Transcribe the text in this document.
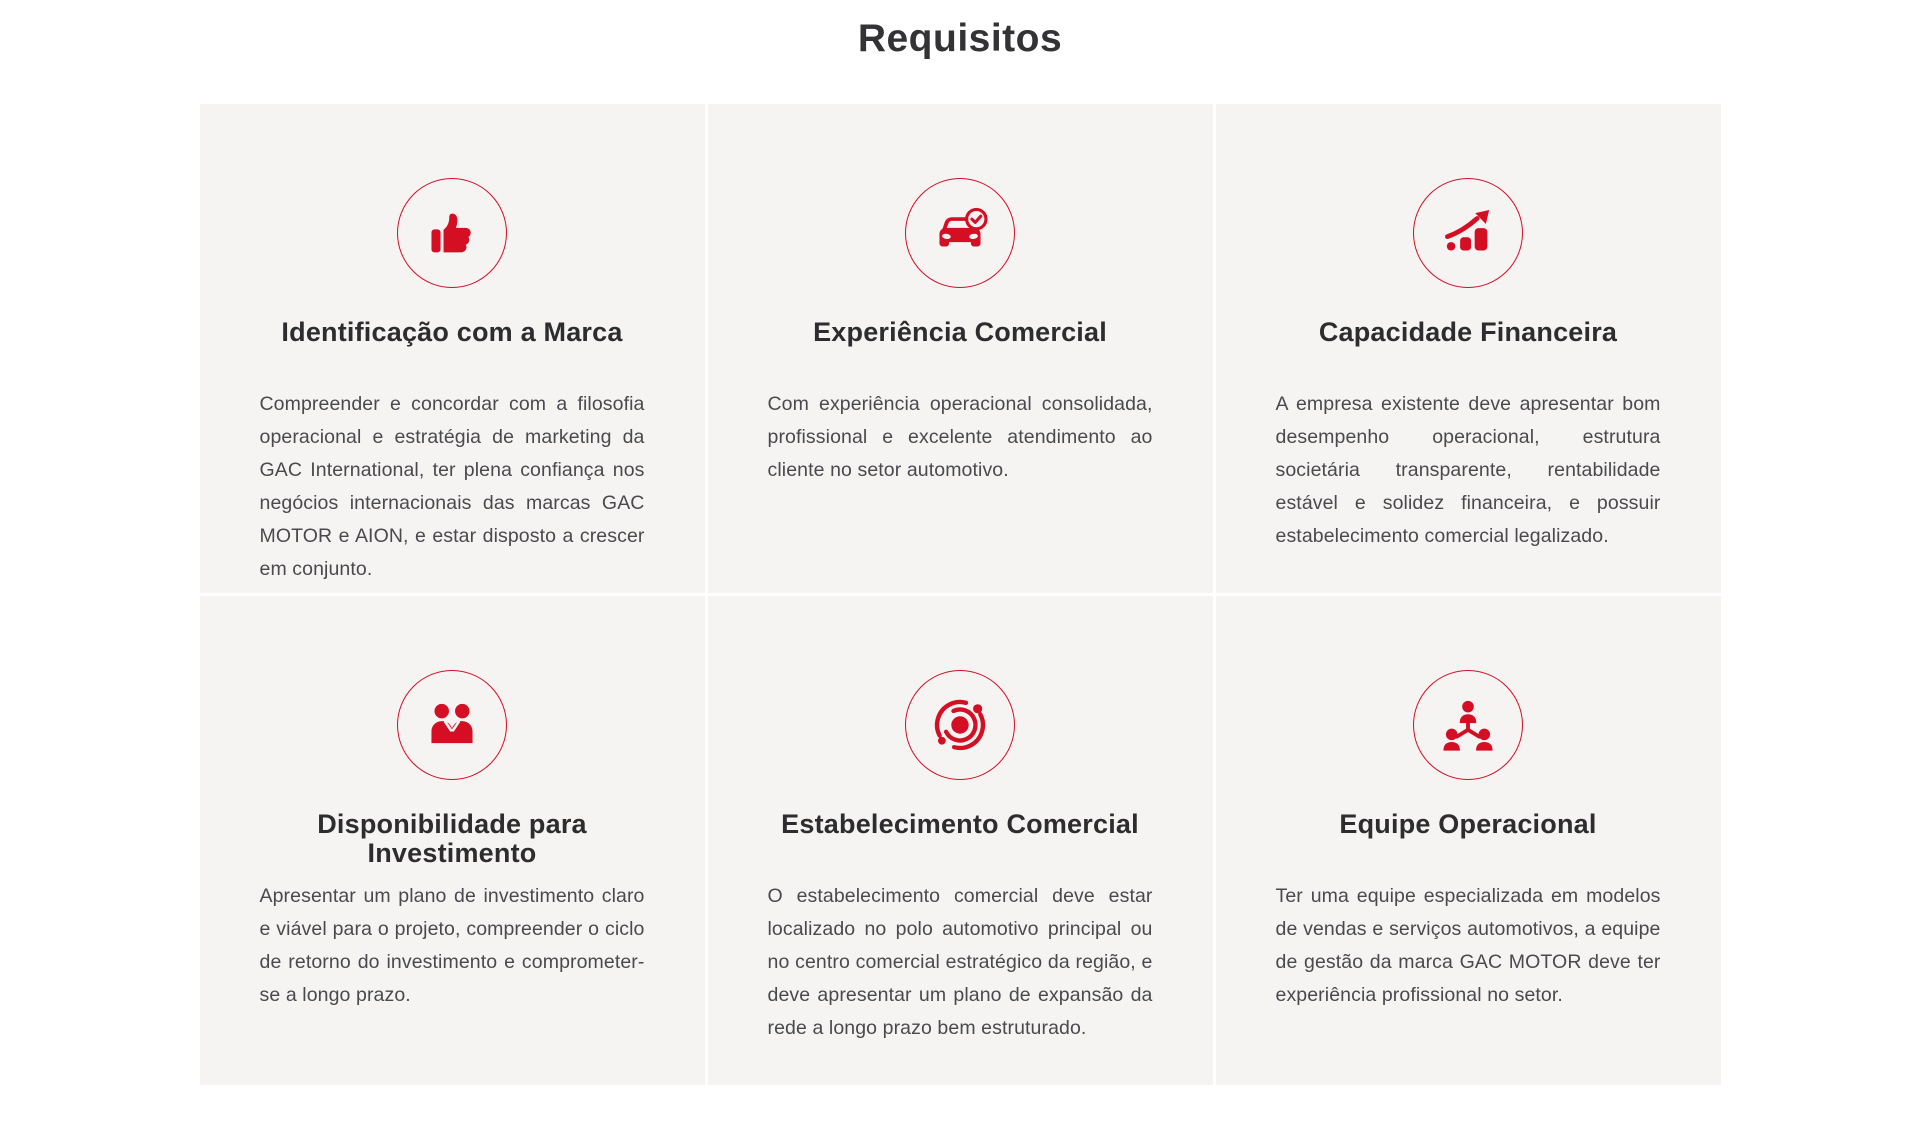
Requisitos
Identificação com a Marca

Compreender e concordar com a filosofia operacional e estratégia de marketing da GAC International, ter plena confiança nos negócios internacionais das marcas GAC MOTOR e AION, e estar disposto a crescer em conjunto.

Experiência Comercial

Com experiência operacional consolidada, profissional e excelente atendimento ao cliente no setor automotivo.

Capacidade Financeira

A empresa existente deve apresentar bom desempenho operacional, estrutura societária transparente, rentabilidade estável e solidez financeira, e possuir estabelecimento comercial legalizado.

Disponibilidade para Investimento

Apresentar um plano de investimento claro e viável para o projeto, compreender o ciclo de retorno do investimento e comprometer-se a longo prazo.

Estabelecimento Comercial

O estabelecimento comercial deve estar localizado no polo automotivo principal ou no centro comercial estratégico da região, e deve apresentar um plano de expansão da rede a longo prazo bem estruturado.

Equipe Operacional

Ter uma equipe especializada em modelos de vendas e serviços automotivos, a equipe de gestão da marca GAC MOTOR deve ter experiência profissional no setor.
